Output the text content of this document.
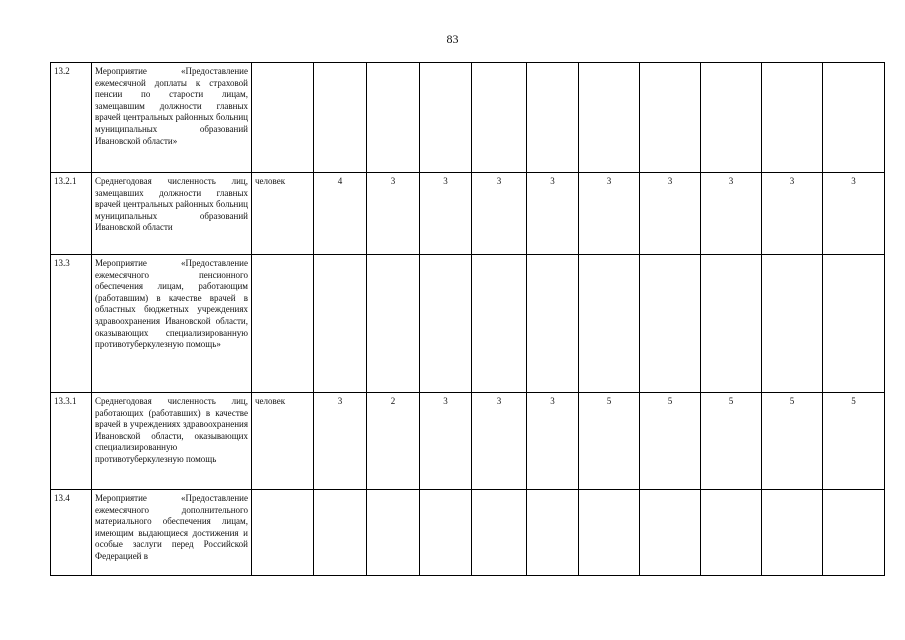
83
13.2	Мероприятие «Предоставление ежемесячной доплаты к страховой пенсии по старости лицам, замещавшим должности главных врачей центральных районных больниц муниципальных образований Ивановской области»											
13.2.1	Среднегодовая численность лиц, замещавших должности главных врачей центральных районных больниц муниципальных образований Ивановской области	человек	4	3	3	3	3	3	3	3	3	3
13.3	Мероприятие «Предоставление ежемесячного пенсионного обеспечения лицам, работающим (работавшим) в качестве врачей в областных бюджетных учреждениях здравоохранения Ивановской области, оказывающих специализированную противотуберкулезную помощь»											
13.3.1	Среднегодовая численность лиц, работающих (работавших) в качестве врачей в учреждениях здравоохранения Ивановской области, оказывающих специализированную противотуберкулезную помощь	человек	3	2	3	3	3	5	5	5	5	5
13.4	Мероприятие «Предоставление ежемесячного дополнительного материального обеспечения лицам, имеющим выдающиеся достижения и особые заслуги перед Российской Федерацией в											
